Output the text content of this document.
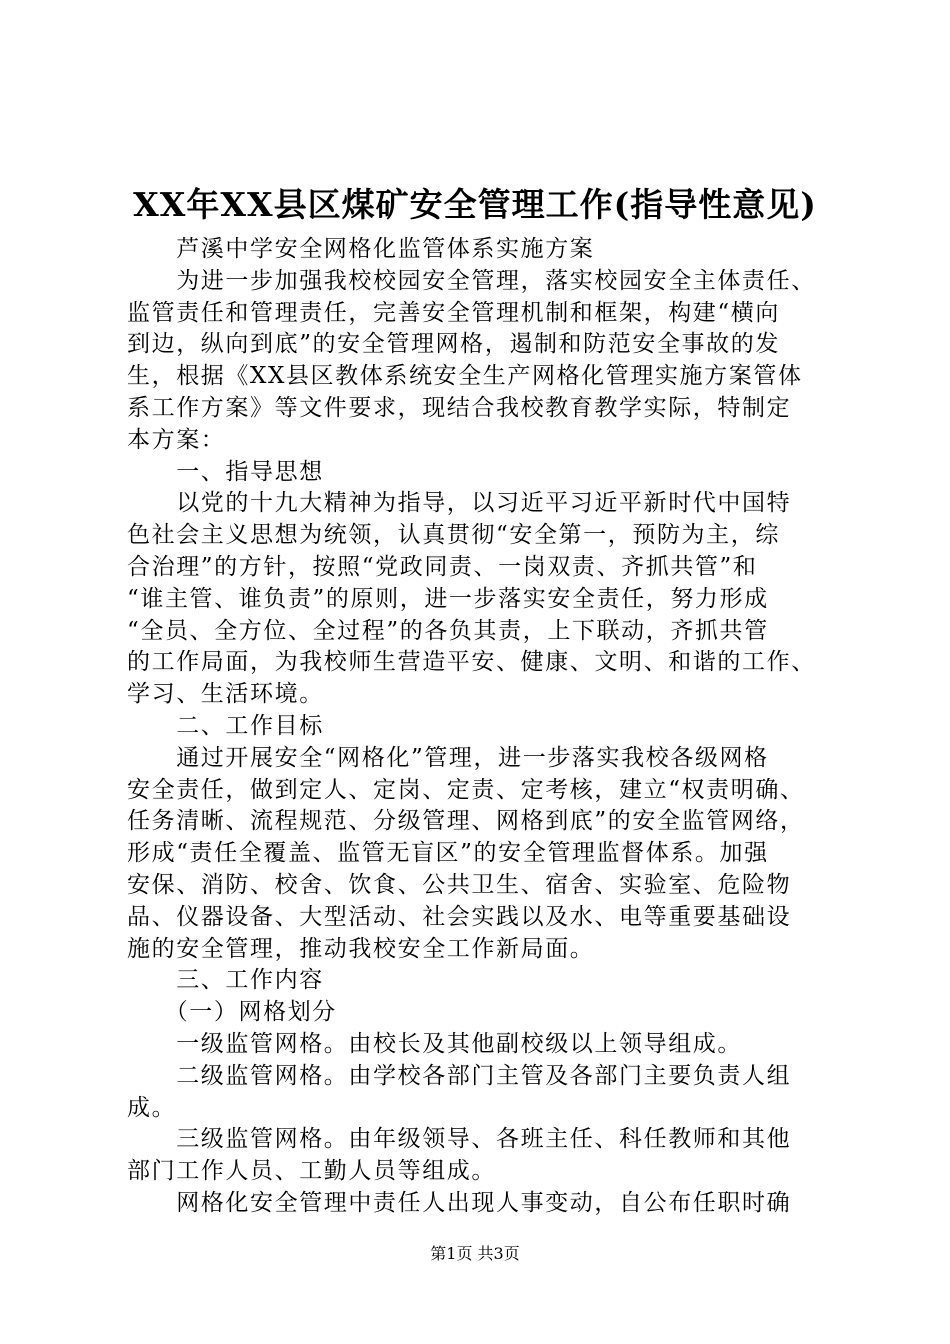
XX年XX县区煤矿安全管理工作(指导性意见)
　　芦溪中学安全网格化监管体系实施方案
　　为进一步加强我校校园安全管理，落实校园安全主体责任、
监管责任和管理责任，完善安全管理机制和框架，构建“横向
到边，纵向到底”的安全管理网格，遏制和防范安全事故的发
生，根据《XX县区教体系统安全生产网格化管理实施方案管体
系工作方案》等文件要求，现结合我校教育教学实际，特制定
本方案：
　　一、指导思想
　　以党的十九大精神为指导，以习近平习近平新时代中国特
色社会主义思想为统领，认真贯彻“安全第一，预防为主，综
合治理”的方针，按照“党政同责、一岗双责、齐抓共管”和
“谁主管、谁负责”的原则，进一步落实安全责任，努力形成
“全员、全方位、全过程”的各负其责，上下联动，齐抓共管
的工作局面，为我校师生营造平安、健康、文明、和谐的工作、
学习、生活环境。
　　二、工作目标
　　通过开展安全“网格化”管理，进一步落实我校各级网格
安全责任，做到定人、定岗、定责、定考核，建立“权责明确、
任务清晰、流程规范、分级管理、网格到底”的安全监管网络，
形成“责任全覆盖、监管无盲区”的安全管理监督体系。加强
安保、消防、校舍、饮食、公共卫生、宿舍、实验室、危险物
品、仪器设备、大型活动、社会实践以及水、电等重要基础设
施的安全管理，推动我校安全工作新局面。
　　三、工作内容
　　（一）网格划分
　　一级监管网格。由校长及其他副校级以上领导组成。
　　二级监管网格。由学校各部门主管及各部门主要负责人组
成。
　　三级监管网格。由年级领导、各班主任、科任教师和其他
部门工作人员、工勤人员等组成。
　　网格化安全管理中责任人出现人事变动，自公布任职时确
第1页 共3页
